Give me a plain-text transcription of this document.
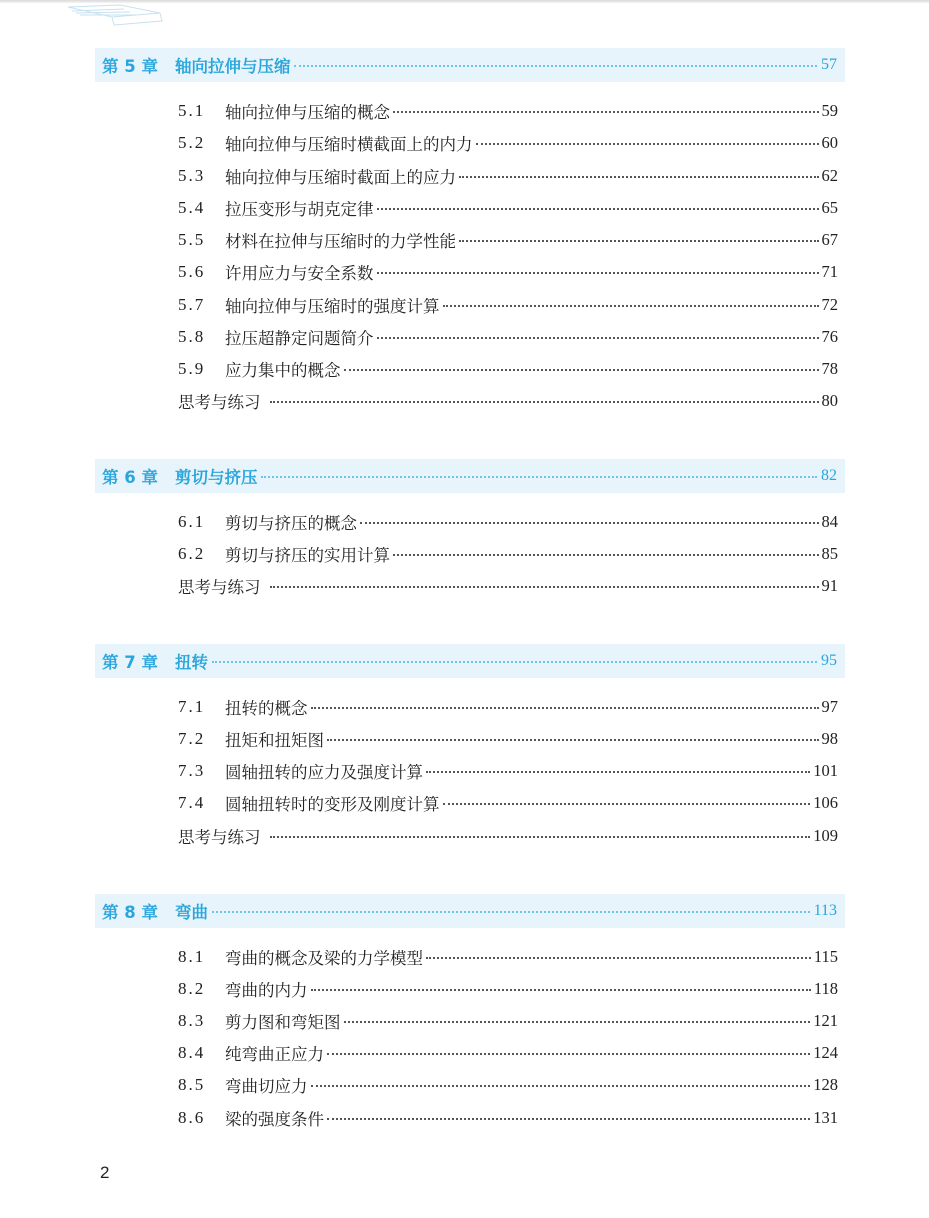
第 5 章 轴向拉伸与压缩	57
5.1	轴向拉伸与压缩的概念	59
5.2	轴向拉伸与压缩时横截面上的内力	60
5.3	轴向拉伸与压缩时截面上的应力	62
5.4	拉压变形与胡克定律	65
5.5	材料在拉伸与压缩时的力学性能	67
5.6	许用应力与安全系数	71
5.7	轴向拉伸与压缩时的强度计算	72
5.8	拉压超静定问题简介	76
5.9	应力集中的概念	78
思考与练习	80
第 6 章 剪切与挤压	82
6.1	剪切与挤压的概念	84
6.2	剪切与挤压的实用计算	85
思考与练习	91
第 7 章 扭转	95
7.1	扭转的概念	97
7.2	扭矩和扭矩图	98
7.3	圆轴扭转的应力及强度计算	101
7.4	圆轴扭转时的变形及刚度计算	106
思考与练习	109
第 8 章 弯曲	113
8.1	弯曲的概念及梁的力学模型	115
8.2	弯曲的内力	118
8.3	剪力图和弯矩图	121
8.4	纯弯曲正应力	124
8.5	弯曲切应力	128
8.6	梁的强度条件	131
2
